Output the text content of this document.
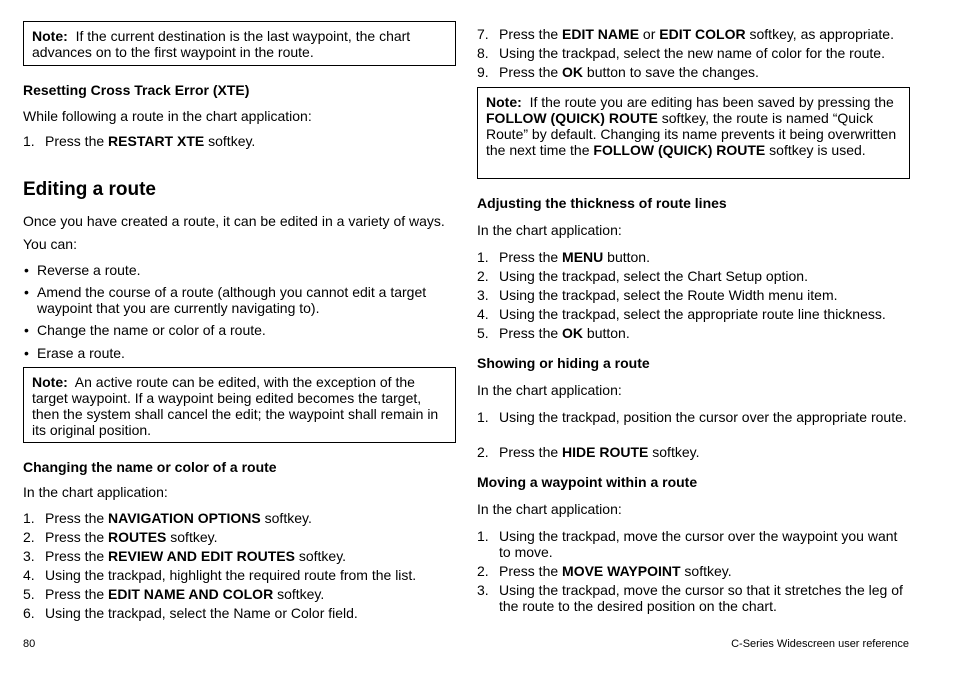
Note: If the current destination is the last waypoint, the chart advances on to the first waypoint in the route.
Resetting Cross Track Error (XTE)
While following a route in the chart application:
1. Press the RESTART XTE softkey.
Editing a route
Once you have created a route, it can be edited in a variety of ways.
You can:
• Reverse a route.
• Amend the course of a route (although you cannot edit a target waypoint that you are currently navigating to).
• Change the name or color of a route.
• Erase a route.
Note: An active route can be edited, with the exception of the target waypoint. If a waypoint being edited becomes the target, then the system shall cancel the edit; the waypoint shall remain in its original position.
Changing the name or color of a route
In the chart application:
1. Press the NAVIGATION OPTIONS softkey.
2. Press the ROUTES softkey.
3. Press the REVIEW AND EDIT ROUTES softkey.
4. Using the trackpad, highlight the required route from the list.
5. Press the EDIT NAME AND COLOR softkey.
6. Using the trackpad, select the Name or Color field.
7. Press the EDIT NAME or EDIT COLOR softkey, as appropriate.
8. Using the trackpad, select the new name of color for the route.
9. Press the OK button to save the changes.
Note: If the route you are editing has been saved by pressing the FOLLOW (QUICK) ROUTE softkey, the route is named “Quick Route” by default. Changing its name prevents it being overwritten the next time the FOLLOW (QUICK) ROUTE softkey is used.
Adjusting the thickness of route lines
In the chart application:
1. Press the MENU button.
2. Using the trackpad, select the Chart Setup option.
3. Using the trackpad, select the Route Width menu item.
4. Using the trackpad, select the appropriate route line thickness.
5. Press the OK button.
Showing or hiding a route
In the chart application:
1. Using the trackpad, position the cursor over the appropriate route.
2. Press the HIDE ROUTE softkey.
Moving a waypoint within a route
In the chart application:
1. Using the trackpad, move the cursor over the waypoint you want to move.
2. Press the MOVE WAYPOINT softkey.
3. Using the trackpad, move the cursor so that it stretches the leg of the route to the desired position on the chart.
80	C-Series Widescreen user reference
